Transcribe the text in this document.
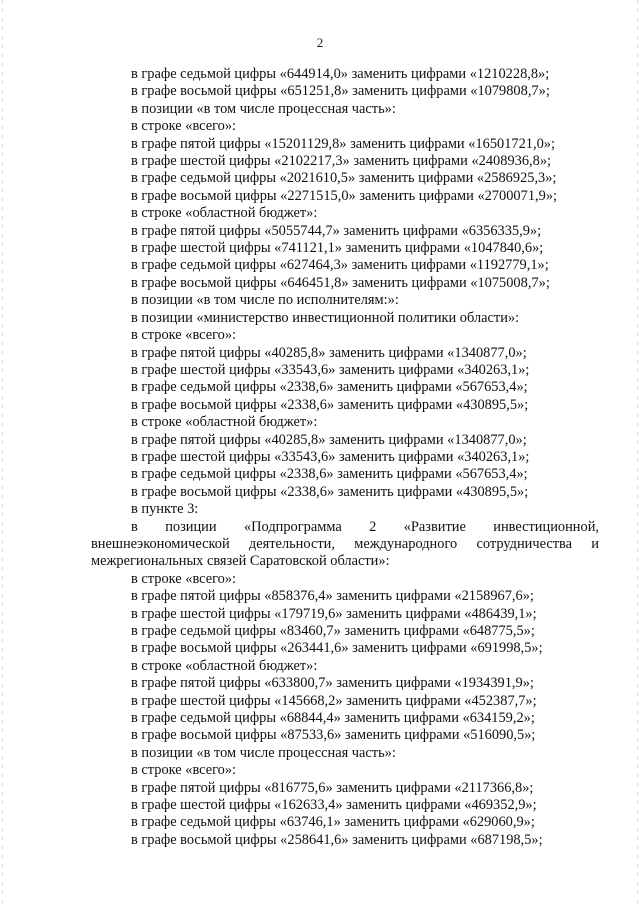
2
в графе седьмой цифры «644914,0» заменить цифрами «1210228,8»;
в графе восьмой цифры «651251,8» заменить цифрами «1079808,7»;
в позиции «в том числе процессная часть»:
в строке «всего»:
в графе пятой цифры «15201129,8» заменить цифрами «16501721,0»;
в графе шестой цифры «2102217,3» заменить цифрами «2408936,8»;
в графе седьмой цифры «2021610,5» заменить цифрами «2586925,3»;
в графе восьмой цифры «2271515,0» заменить цифрами «2700071,9»;
в строке «областной бюджет»:
в графе пятой цифры «5055744,7» заменить цифрами «6356335,9»;
в графе шестой цифры «741121,1» заменить цифрами «1047840,6»;
в графе седьмой цифры «627464,3» заменить цифрами «1192779,1»;
в графе восьмой цифры «646451,8» заменить цифрами «1075008,7»;
в позиции «в том числе по исполнителям:»:
в позиции «министерство инвестиционной политики области»:
в строке «всего»:
в графе пятой цифры «40285,8» заменить цифрами «1340877,0»;
в графе шестой цифры «33543,6» заменить цифрами «340263,1»;
в графе седьмой цифры «2338,6» заменить цифрами «567653,4»;
в графе восьмой цифры «2338,6» заменить цифрами «430895,5»;
в строке «областной бюджет»:
в графе пятой цифры «40285,8» заменить цифрами «1340877,0»;
в графе шестой цифры «33543,6» заменить цифрами «340263,1»;
в графе седьмой цифры «2338,6» заменить цифрами «567653,4»;
в графе восьмой цифры «2338,6» заменить цифрами «430895,5»;
в пункте 3:
в позиции «Подпрограмма 2 «Развитие инвестиционной, внешнеэкономической деятельности, международного сотрудничества и межрегиональных связей Саратовской области»:
в строке «всего»:
в графе пятой цифры «858376,4» заменить цифрами «2158967,6»;
в графе шестой цифры «179719,6» заменить цифрами «486439,1»;
в графе седьмой цифры «83460,7» заменить цифрами «648775,5»;
в графе восьмой цифры «263441,6» заменить цифрами «691998,5»;
в строке «областной бюджет»:
в графе пятой цифры «633800,7» заменить цифрами «1934391,9»;
в графе шестой цифры «145668,2» заменить цифрами «452387,7»;
в графе седьмой цифры «68844,4» заменить цифрами «634159,2»;
в графе восьмой цифры «87533,6» заменить цифрами «516090,5»;
в позиции «в том числе процессная часть»:
в строке «всего»:
в графе пятой цифры «816775,6» заменить цифрами «2117366,8»;
в графе шестой цифры «162633,4» заменить цифрами «469352,9»;
в графе седьмой цифры «63746,1» заменить цифрами «629060,9»;
в графе восьмой цифры «258641,6» заменить цифрами «687198,5»;
